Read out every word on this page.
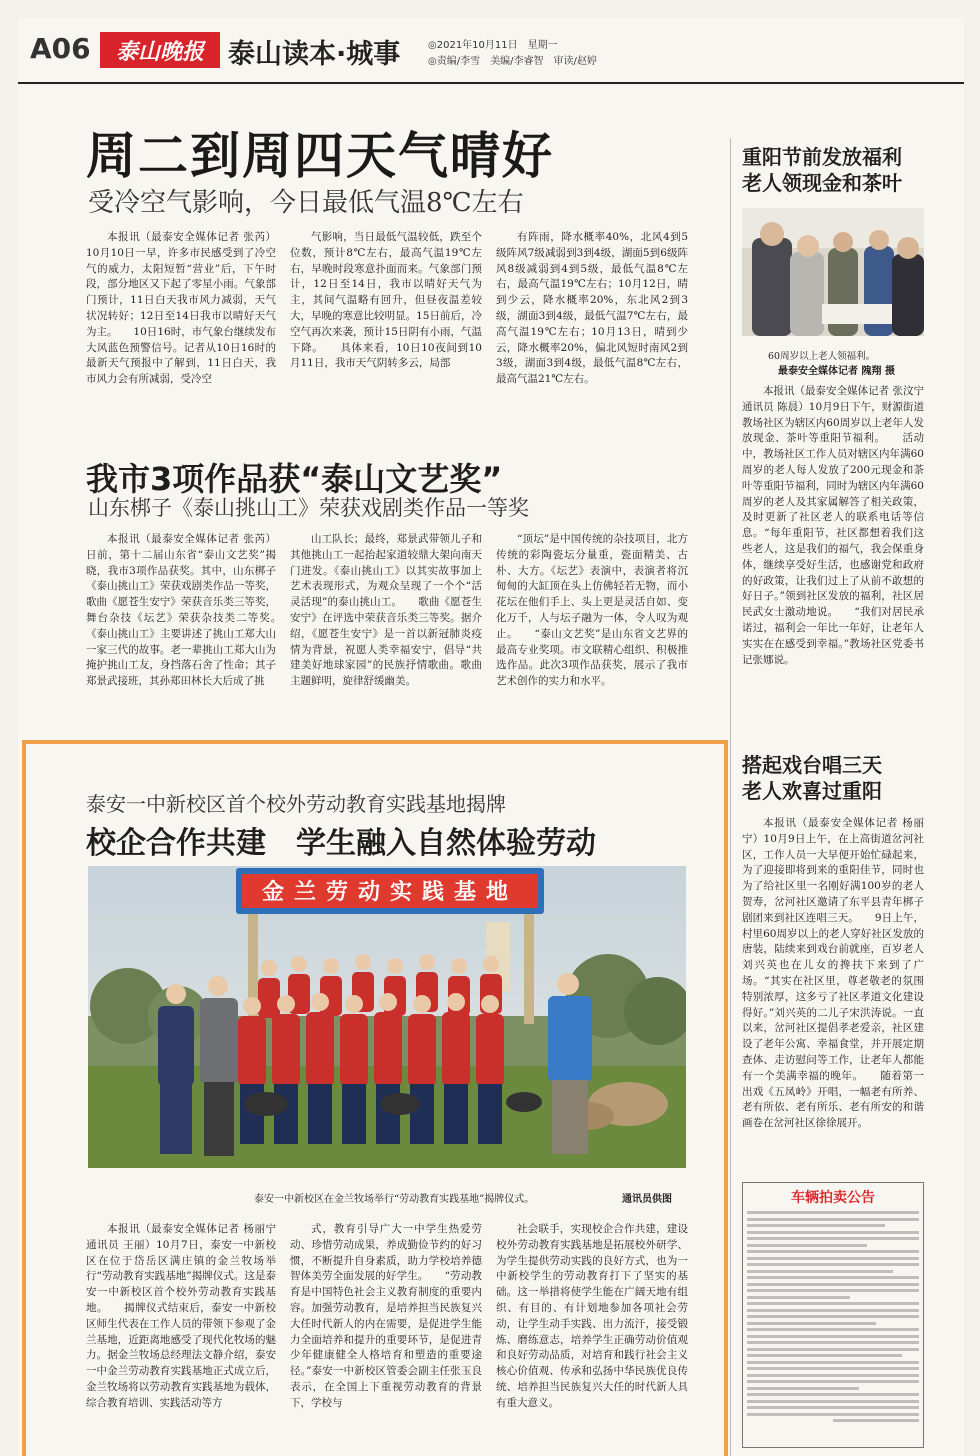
A06	泰山晚报 泰山读本·城事	◎2021年10月11日　星期一
◎责编/李雪　美编/李睿智　审读/赵婷
周二到周四天气晴好
受冷空气影响，今日最低气温8℃左右

本报讯（最泰安全媒体记者 张芮）10月10日一早，许多市民感受到了冷空气的威力，太阳短暂“营业”后，下午时段，部分地区又下起了零星小雨。气象部门预计，11日白天我市风力减弱，天气状况转好；12日至14日我市以晴好天气为主。　　10日16时，市气象台继续发布大风蓝色预警信号。记者从10日16时的最新天气预报中了解到，11日白天，我市风力会有所减弱，受冷空

气影响，当日最低气温较低，跌至个位数，预计8℃左右，最高气温19℃左右，早晚时段寒意扑面而来。气象部门预计，12日至14日，我市以晴好天气为主，其间气温略有回升，但昼夜温差较大，早晚的寒意比较明显。15日前后，冷空气再次来袭，预计15日阴有小雨，气温下降。　　具体来看，10日10夜间到10月11日，我市天气阴转多云，局部

有阵雨，降水概率40%，北风4到5级阵风7级减弱到3到4级，湖面5到6级阵风8级减弱到4到5级，最低气温8℃左右，最高气温19℃左右；10月12日，晴到少云，降水概率20%，东北风2到3级，湖面3到4级，最低气温7℃左右，最高气温19℃左右；10月13日，晴到少云，降水概率20%，偏北风短时南风2到3级，湖面3到4级，最低气温8℃左右，最高气温21℃左右。

我市3项作品获“泰山文艺奖”
山东梆子《泰山挑山工》荣获戏剧类作品一等奖

本报讯（最泰安全媒体记者 张芮）日前，第十二届山东省“泰山文艺奖”揭晓，我市3项作品获奖。其中，山东梆子《泰山挑山工》荣获戏剧类作品一等奖，歌曲《愿苍生安宁》荣获音乐类三等奖，舞台杂技《坛艺》荣获杂技类二等奖。　　《泰山挑山工》主要讲述了挑山工郑大山一家三代的故事。老一辈挑山工郑大山为掩护挑山工友，身挡落石舍了性命；其子郑景武接班，其孙郑田林长大后成了挑

山工队长；最终，郑景武带领儿子和其他挑山工一起抬起家道较鼎大架向南天门进发。《泰山挑山工》以其实故事加上艺术表现形式，为观众呈现了一个个“活灵活现”的泰山挑山工。　　歌曲《愿苍生安宁》在评选中荣获音乐类三等奖。据介绍，《愿苍生安宁》是一首以新冠肺炎疫情为背景，祝愿人类幸福安宁，倡导“共建美好地球家园”的民族抒情歌曲。歌曲主题鲜明，旋律舒缓幽美。

“顶坛”是中国传统的杂技项目，北方传统的彩陶瓷坛分量重，瓷面精美、古朴、大方。《坛艺》表演中，表演者将沉甸甸的大缸顶在头上仿佛轻若无物，而小花坛在他们手上、头上更是灵活自如、变化万千，人与坛子融为一体，令人叹为观止。　　“泰山文艺奖”是山东省文艺界的最高专业奖项。市文联精心组织、积极推选作品。此次3项作品获奖，展示了我市艺术创作的实力和水平。

泰安一中新校区首个校外劳动教育实践基地揭牌
校企合作共建　学生融入自然体验劳动
金兰劳动实践基地
泰安一中新校区在金兰牧场举行“劳动教育实践基地”揭牌仪式。	通讯员供图

本报讯（最泰安全媒体记者 杨丽宁 通讯员 王丽）10月7日，泰安一中新校区在位于岱岳区满庄镇的金兰牧场举行“劳动教育实践基地”揭牌仪式。这是泰安一中新校区首个校外劳动教育实践基地。　　揭牌仪式结束后，泰安一中新校区师生代表在工作人员的带领下参观了金兰基地，近距离地感受了现代化牧场的魅力。据金兰牧场总经理法文静介绍，泰安一中金兰劳动教育实践基地正式成立后，金兰牧场将以劳动教育实践基地为载体，综合教育培训、实践活动等方

式，教育引导广大一中学生热爱劳动、珍惜劳动成果，养成勤俭节约的好习惯，不断提升自身素质，助力学校培养德智体美劳全面发展的好学生。　　“劳动教育是中国特色社会主义教育制度的重要内容。加强劳动教育，是培养担当民族复兴大任时代新人的内在需要，是促进学生能力全面培养和提升的重要环节，是促进青少年健康健全人格培育和塑造的重要途径。”泰安一中新校区管委会副主任张玉良表示，在全国上下重视劳动教育的背景下，学校与

社会联手，实现校企合作共建，建设校外劳动教育实践基地是拓展校外研学、为学生提供劳动实践的良好方式，也为一中新校学生的劳动教育打下了坚实的基础。这一举措将使学生能在广阔天地有组织、有目的、有计划地参加各项社会劳动，让学生动手实践、出力流汗，接受锻炼、磨练意志，培养学生正确劳动价值观和良好劳动品质，对培育和践行社会主义核心价值观、传承和弘扬中华民族优良传统、培养担当民族复兴大任的时代新人具有重大意义。

重阳节前发放福利
老人领现金和茶叶
60周岁以上老人领福利。
最泰安全媒体记者 隗翔 摄

本报讯（最泰安全媒体记者 张汶宁 通讯员 陈晨）10月9日下午，财源街道教场社区为辖区内60周岁以上老年人发放现金、茶叶等重阳节福利。　　活动中，教场社区工作人员对辖区内年满60周岁的老人每人发放了200元现金和茶叶等重阳节福利，同时为辖区内年满60周岁的老人及其家属解答了相关政策，及时更新了社区老人的联系电话等信息。“每年重阳节，社区都想着我们这些老人，这是我们的福气，我会保重身体，继续享受好生活，也感谢党和政府的好政策，让我们过上了从前不敢想的好日子。”领到社区发放的福利，社区居民武女士激动地说。　　“我们对居民承诺过，福利会一年比一年好，让老年人实实在在感受到幸福。”教场社区党委书记张娜说。

搭起戏台唱三天
老人欢喜过重阳

本报讯（最泰安全媒体记者 杨丽宁）10月9日上午，在上高街道岔河社区，工作人员一大早便开始忙碌起来，为了迎接即将到来的重阳佳节，同时也为了给社区里一名刚好满100岁的老人贺寿，岔河社区邀请了东平县青年梆子剧团来到社区连唱三天。　　9日上午，村里60周岁以上的老人穿好社区发放的唐装，陆续来到戏台前就座，百岁老人刘兴英也在儿女的搀扶下来到了广场。“其实在社区里，尊老敬老的氛围特别浓厚，这多亏了社区孝道文化建设得好。”刘兴英的二儿子宋洪涛说。一直以来，岔河社区提倡孝老爱亲，社区建设了老年公寓、幸福食堂，并开展定期查体、走访慰问等工作，让老年人都能有一个美满幸福的晚年。　　随着第一出戏《五凤岭》开唱，一幅老有所养、老有所依、老有所乐、老有所安的和谐画卷在岔河社区徐徐展开。

车辆拍卖公告
